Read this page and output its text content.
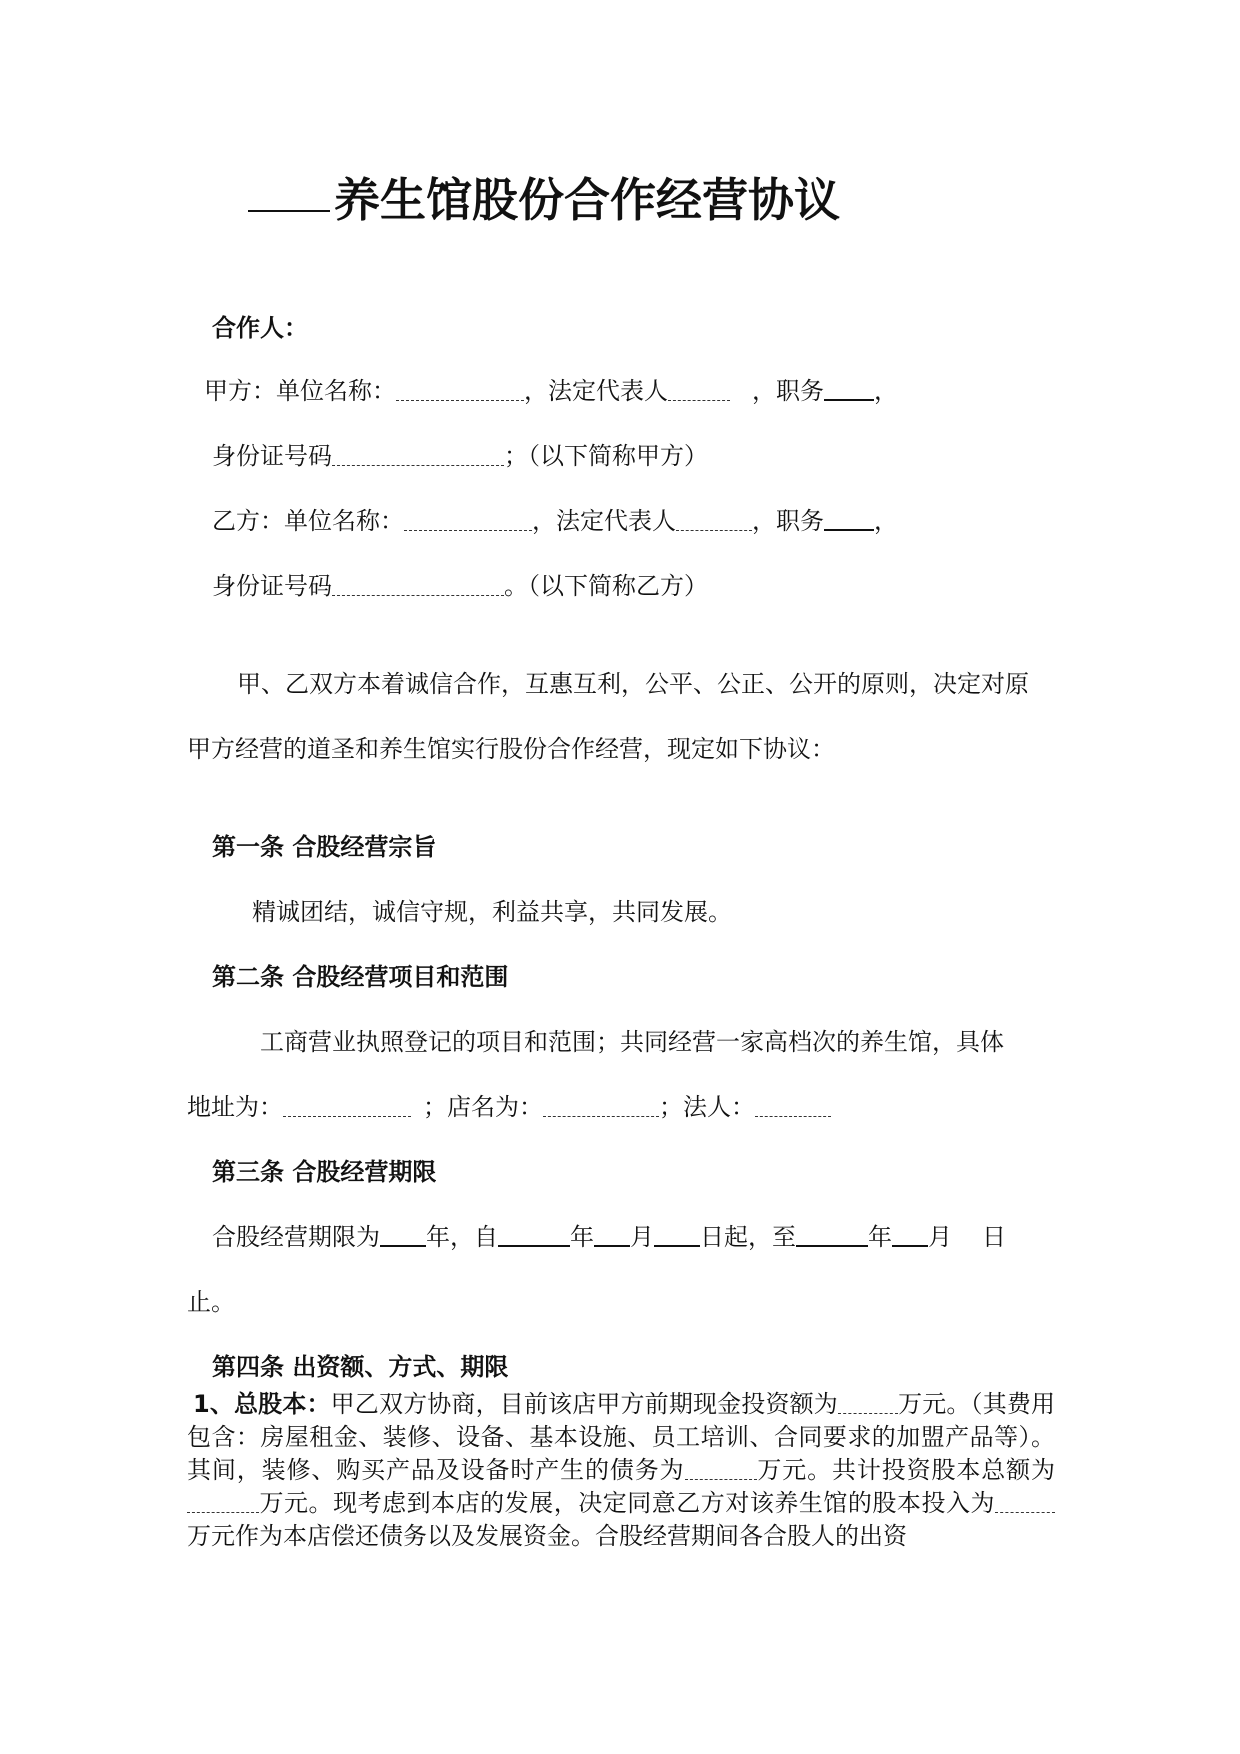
养生馆股份合作经营协议
合作人：
甲方：单位名称：	，法定代表人	，职务 ，
身份证号码	；（以下简称甲方）
乙方：单位名称：	，法定代表人	，职务 ，
身份证号码	。（以下简称乙方）
甲、乙双方本着诚信合作，互惠互利，公平、公正、公开的原则，决定对原
甲方经营的道圣和养生馆实行股份合作经营，现定如下协议：
第一条 合股经营宗旨
精诚团结，诚信守规，利益共享，共同发展。
第二条 合股经营项目和范围
工商营业执照登记的项目和范围；共同经营一家高档次的养生馆，具体
地址为：	；店名为：	；法人：
第三条 合股经营期限
合股经营期限为 年，自	年 月 日起，至	年 月 日
止。
第四条 出资额、方式、期限
1、总股本：甲乙双方协商，目前该店甲方前期现金投资额为	万元。（其费用包含：房屋租金、装修、设备、基本设施、员工培训、合同要求的加盟产品等）。其间，装修、购买产品及设备时产生的债务为	万元。共计投资股本总额为万元。现考虑到本店的发展，决定同意乙方对该养生馆的股本投入为万元作为本店偿还债务以及发展资金。合股经营期间各合股人的出资
